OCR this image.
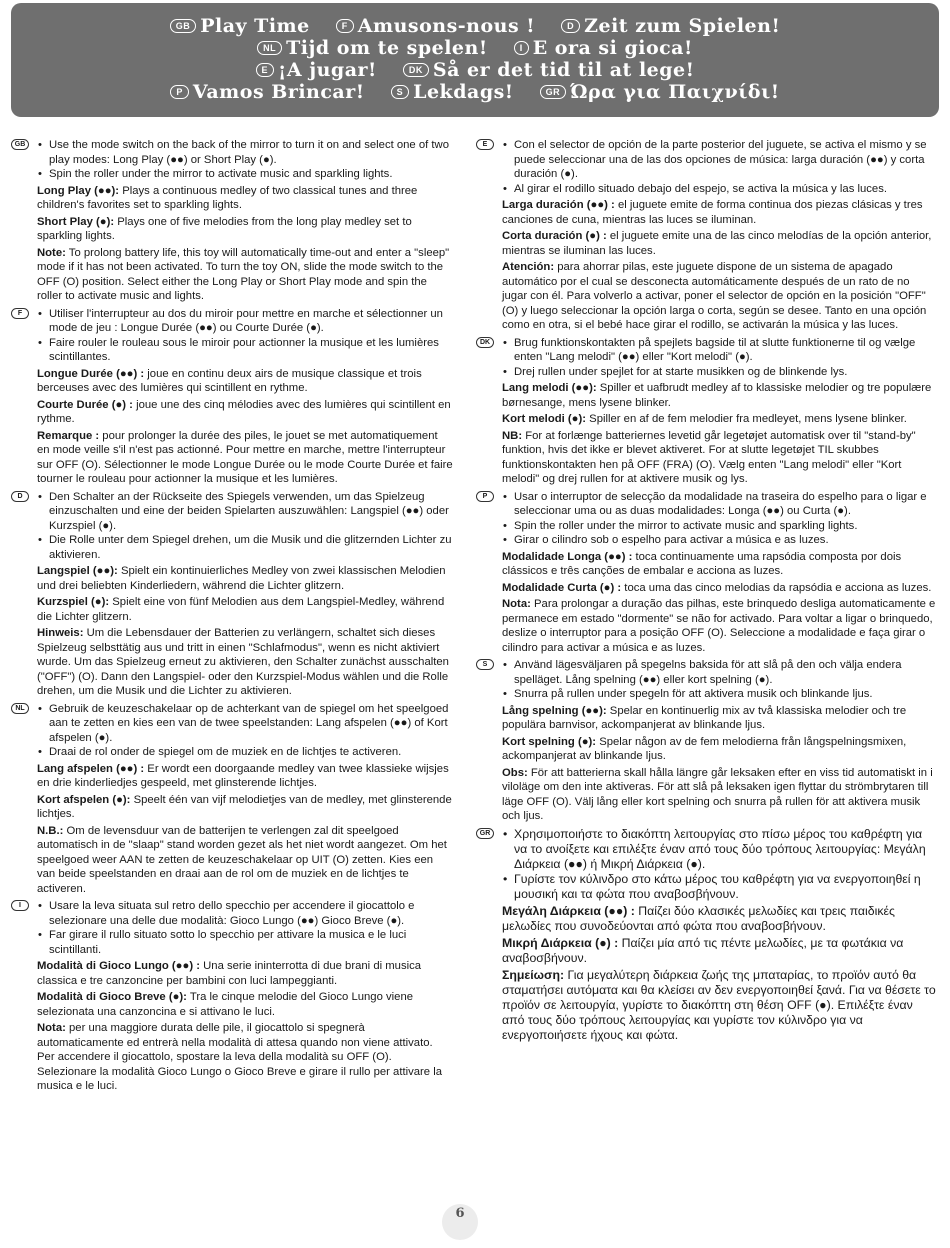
GB Play Time	F Amusons-nous !	D Zeit zum Spielen!
NL Tijd om te spelen!	I E ora si gioca!
E ¡A jugar!	DK Så er det tid til at lege!
P Vamos Brincar!	S Lekdags!	GR Ώρα για Παιχνίδι!
GB	• Use the mode switch on the back of the mirror to turn it on and select one of two play modes: Long Play (●●) or Short Play (●).
• Spin the roller under the mirror to activate music and sparkling lights.
Long Play (●●): Plays a continuous medley of two classical tunes and three children's favorites set to sparkling lights.
Short Play (●): Plays one of five melodies from the long play medley set to sparkling lights.
Note: To prolong battery life, this toy will automatically time-out and enter a "sleep" mode if it has not been activated. To turn the toy ON, slide the mode switch to the OFF (O) position. Select either the Long Play or Short Play mode and spin the roller to activate music and lights.
F	• Utiliser l'interrupteur au dos du miroir pour mettre en marche et sélectionner un mode de jeu : Longue Durée (●●) ou Courte Durée (●).
• Faire rouler le rouleau sous le miroir pour actionner la musique et les lumières scintillantes.
Longue Durée (●●) : joue en continu deux airs de musique classique et trois berceuses avec des lumières qui scintillent en rythme.
Courte Durée (●) : joue une des cinq mélodies avec des lumières qui scintillent en rythme.
Remarque : pour prolonger la durée des piles, le jouet se met automatiquement en mode veille s'il n'est pas actionné. Pour mettre en marche, mettre l'interrupteur sur OFF (O). Sélectionner le mode Longue Durée ou le mode Courte Durée et faire tourner le rouleau pour actionner la musique et les lumières.
D	• Den Schalter an der Rückseite des Spiegels verwenden, um das Spielzeug einzuschalten und eine der beiden Spielarten auszuwählen: Langspiel (●●) oder Kurzspiel (●).
• Die Rolle unter dem Spiegel drehen, um die Musik und die glitzernden Lichter zu aktivieren.
Langspiel (●●): Spielt ein kontinuierliches Medley von zwei klassischen Melodien und drei beliebten Kinderliedern, während die Lichter glitzern.
Kurzspiel (●): Spielt eine von fünf Melodien aus dem Langspiel-Medley, während die Lichter glitzern.
Hinweis: Um die Lebensdauer der Batterien zu verlängern, schaltet sich dieses Spielzeug selbsttätig aus und tritt in einen "Schlafmodus", wenn es nicht aktiviert wurde. Um das Spielzeug erneut zu aktivieren, den Schalter zunächst ausschalten ("OFF") (O). Dann den Langspiel- oder den Kurzspiel-Modus wählen und die Rolle drehen, um die Musik und die Lichter zu aktivieren.
NL	• Gebruik de keuzeschakelaar op de achterkant van de spiegel om het speelgoed aan te zetten en kies een van de twee speelstanden: Lang afspelen (●●) of Kort afspelen (●).
• Draai de rol onder de spiegel om de muziek en de lichtjes te activeren.
Lang afspelen (●●) : Er wordt een doorgaande medley van twee klassieke wijsjes en drie kinderliedjes gespeeld, met glinsterende lichtjes.
Kort afspelen (●): Speelt één van vijf melodietjes van de medley, met glinsterende lichtjes.
N.B.: Om de levensduur van de batterijen te verlengen zal dit speelgoed automatisch in de "slaap" stand worden gezet als het niet wordt aangezet. Om het speelgoed weer AAN te zetten de keuzeschakelaar op UIT (O) zetten. Kies een van beide speelstanden en draai aan de rol om de muziek en de lichtjes te activeren.
I	• Usare la leva situata sul retro dello specchio per accendere il giocattolo e selezionare una delle due modalità: Gioco Lungo (●●) Gioco Breve (●).
• Far girare il rullo situato sotto lo specchio per attivare la musica e le luci scintillanti.
Modalità di Gioco Lungo (●●) : Una serie ininterrotta di due brani di musica classica e tre canzoncine per bambini con luci lampeggianti.
Modalità di Gioco Breve (●): Tra le cinque melodie del Gioco Lungo viene selezionata una canzoncina e si attivano le luci.
Nota: per una maggiore durata delle pile, il giocattolo si spegnerà automaticamente ed entrerà nella modalità di attesa quando non viene attivato. Per accendere il giocattolo, spostare la leva della modalità su OFF (O). Selezionare la modalità Gioco Lungo o Gioco Breve e girare il rullo per attivare la musica e le luci.
E	• Con el selector de opción de la parte posterior del juguete, se activa el mismo y se puede seleccionar una de las dos opciones de música: larga duración (●●) y corta duración (●).
• Al girar el rodillo situado debajo del espejo, se activa la música y las luces.
Larga duración (●●) : el juguete emite de forma continua dos piezas clásicas y tres canciones de cuna, mientras las luces se iluminan.
Corta duración (●) : el juguete emite una de las cinco melodías de la opción anterior, mientras se iluminan las luces.
Atención: para ahorrar pilas, este juguete dispone de un sistema de apagado automático por el cual se desconecta automáticamente después de un rato de no jugar con él. Para volverlo a activar, poner el selector de opción en la posición "OFF" (O) y luego seleccionar la opción larga o corta, según se desee. Tanto en una opción como en otra, si el bebé hace girar el rodillo, se activarán la música y las luces.
DK	• Brug funktionskontakten på spejlets bagside til at slutte funktionerne til og vælge enten "Lang melodi" (●●) eller "Kort melodi" (●).
• Drej rullen under spejlet for at starte musikken og de blinkende lys.
Lang melodi (●●): Spiller et uafbrudt medley af to klassiske melodier og tre populære børnesange, mens lysene blinker.
Kort melodi (●): Spiller en af de fem melodier fra medleyet, mens lysene blinker.
NB: For at forlænge batteriernes levetid går legetøjet automatisk over til "stand-by" funktion, hvis det ikke er blevet aktiveret. For at slutte legetøjet TIL skubbes funktionskontakten hen på OFF (FRA) (O). Vælg enten "Lang melodi" eller "Kort melodi" og drej rullen for at aktivere musik og lys.
P	• Usar o interruptor de selecção da modalidade na traseira do espelho para o ligar e seleccionar uma ou as duas modalidades: Longa (●●) ou Curta (●).
• Spin the roller under the mirror to activate music and sparkling lights.
• Girar o cilindro sob o espelho para activar a música e as luzes.
Modalidade Longa (●●) : toca continuamente uma rapsódia composta por dois clássicos e três canções de embalar e acciona as luzes.
Modalidade Curta (●) : toca uma das cinco melodias da rapsódia e acciona as luzes.
Nota: Para prolongar a duração das pilhas, este brinquedo desliga automaticamente e permanece em estado "dormente" se não for activado. Para voltar a ligar o brinquedo, deslize o interruptor para a posição OFF (O). Seleccione a modalidade e faça girar o cilindro para activar a música e as luzes.
S	• Använd lägesväljaren på spegelns baksida för att slå på den och välja endera spelläget. Lång spelning (●●) eller kort spelning (●).
• Snurra på rullen under spegeln för att aktivera musik och blinkande ljus.
Lång spelning (●●): Spelar en kontinuerlig mix av två klassiska melodier och tre populära barnvisor, ackompanjerat av blinkande ljus.
Kort spelning (●): Spelar någon av de fem melodierna från långspelningsmixen, ackompanjerat av blinkande ljus.
Obs: För att batterierna skall hålla längre går leksaken efter en viss tid automatiskt in i viloläge om den inte aktiveras. För att slå på leksaken igen flyttar du strömbrytaren till läge OFF (O). Välj lång eller kort spelning och snurra på rullen för att aktivera musik och ljus.
GR	• Χρησιμοποιήστε το διακόπτη λειτουργίας στο πίσω μέρος του καθρέφτη για να το ανοίξετε και επιλέξτε έναν από τους δύο τρόπους λειτουργίας: Μεγάλη Διάρκεια (●●) ή Μικρή Διάρκεια (●).
• Γυρίστε τον κύλινδρο στο κάτω μέρος του καθρέφτη για να ενεργοποιηθεί η μουσική και τα φώτα που αναβοσβήνουν.
Μεγάλη Διάρκεια (●●) : Παίζει δύο κλασικές μελωδίες και τρεις παιδικές μελωδίες που συνοδεύονται από φώτα που αναβοσβήνουν.
Μικρή Διάρκεια (●) : Παίζει μία από τις πέντε μελωδίες, με τα φωτάκια να αναβοσβήνουν.
Σημείωση: Για μεγαλύτερη διάρκεια ζωής της μπαταρίας, το προϊόν αυτό θα σταματήσει αυτόματα και θα κλείσει αν δεν ενεργοποιηθεί ξανά. Για να θέσετε το προϊόν σε λειτουργία, γυρίστε το διακόπτη στη θέση OFF (●). Επιλέξτε έναν από τους δύο τρόπους λειτουργίας και γυρίστε τον κύλινδρο για να ενεργοποιήσετε ήχους και φώτα.
6
